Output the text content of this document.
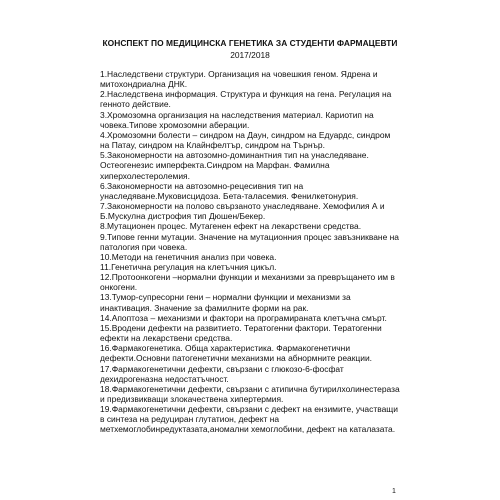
КОНСПЕКТ ПО МЕДИЦИНСКА ГЕНЕТИКА ЗА СТУДЕНТИ ФАРМАЦЕВТИ
2017/2018

1.Наследствени структури. Организация на човешкия геном. Ядрена и митохондриална ДНК.

2.Наследствена информация. Структура и функция на гена. Регулация на генното действие.

3.Хромозомна организация на наследствения материал. Кариотип на човека.Типове хромозомни аберации.

4.Хромозомни болести – синдром на Даун, синдром на Едуардс, синдром на Патау, синдром на Клайнфелтър, синдром на Търнър.

5.Закономерности на автозомно-доминантния тип на унаследяване. Остеогенезис имперфекта.Синдром на Марфан. Фамилна хиперхолестеролемия.

6.Закономерности на автозомно-рецесивния тип на унаследяване.Муковисцидоза. Бета-таласемия. Фенилкетонурия.

7.Закономерности на полово свързаното унаследяване. Хемофилия А и Б.Мускулна дистрофия тип Дюшен/Бекер.

8.Мутационен процес. Мутагенен ефект на лекарствени средства.

9.Типове генни мутации. Значение на мутационния процес завъзникване на патология при човека.

10.Методи на генетичния анализ при човека.

11.Генетична регулация на клетъчния цикъл.

12.Протоонкогени –нормални функции и механизми за превръщането им в онкогени.

13.Тумор-супресорни гени – нормални функции и механизми за инактивация. Значение за фамилните форми на рак.

14.Апоптоза – механизми и фактори на програмираната клетъчна смърт.

15.Вродени дефекти на развитието. Тератогенни фактори. Тератогенни ефекти на лекарствени средства.

16.Фармакогенетика. Обща характеристика. Фармакогенетични дефекти.Основни патогенетични механизми на абнормните реакции.

17.Фармакогенетични дефекти, свързани с глюкозо-6-фосфат дехидрогеназна недостатъчност.

18.Фармакогенетични дефекти, свързани с атипична бутирилхолинестераза и предизвикващи злокачествена хипертермия.

19.Фармакогенетични дефекти, свързани с дефект на ензимите, участващи в синтеза на редуциран глутатион, дефект на метхемоглобинредуктазата,аномални хемоглобини, дефект на каталазата.

1
